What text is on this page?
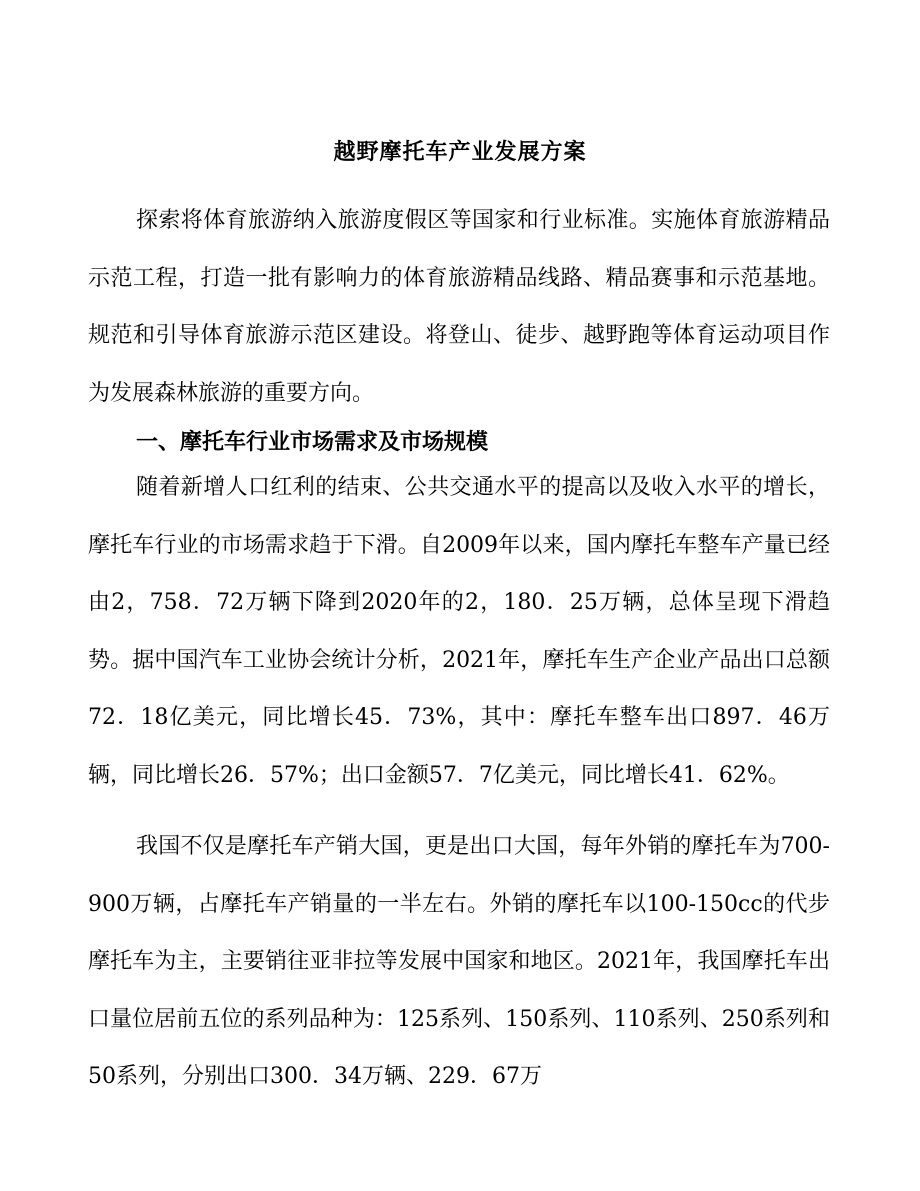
越野摩托车产业发展方案

探索将体育旅游纳入旅游度假区等国家和行业标准。实施体育旅游精品示范工程，打造一批有影响力的体育旅游精品线路、精品赛事和示范基地。规范和引导体育旅游示范区建设。将登山、徒步、越野跑等体育运动项目作为发展森林旅游的重要方向。

一、摩托车行业市场需求及市场规模

随着新增人口红利的结束、公共交通水平的提高以及收入水平的增长，摩托车行业的市场需求趋于下滑。自2009年以来，国内摩托车整车产量已经由2，758．72万辆下降到2020年的2，180．25万辆，总体呈现下滑趋势。据中国汽车工业协会统计分析，2021年，摩托车生产企业产品出口总额72．18亿美元，同比增长45．73%，其中：摩托车整车出口897．46万辆，同比增长26．57%；出口金额57．7亿美元，同比增长41．62%。

我国不仅是摩托车产销大国，更是出口大国，每年外销的摩托车为700-900万辆，占摩托车产销量的一半左右。外销的摩托车以100-150cc的代步摩托车为主，主要销往亚非拉等发展中国家和地区。2021年，我国摩托车出口量位居前五位的系列品种为：125系列、150系列、110系列、250系列和50系列，分别出口300．34万辆、229．67万
